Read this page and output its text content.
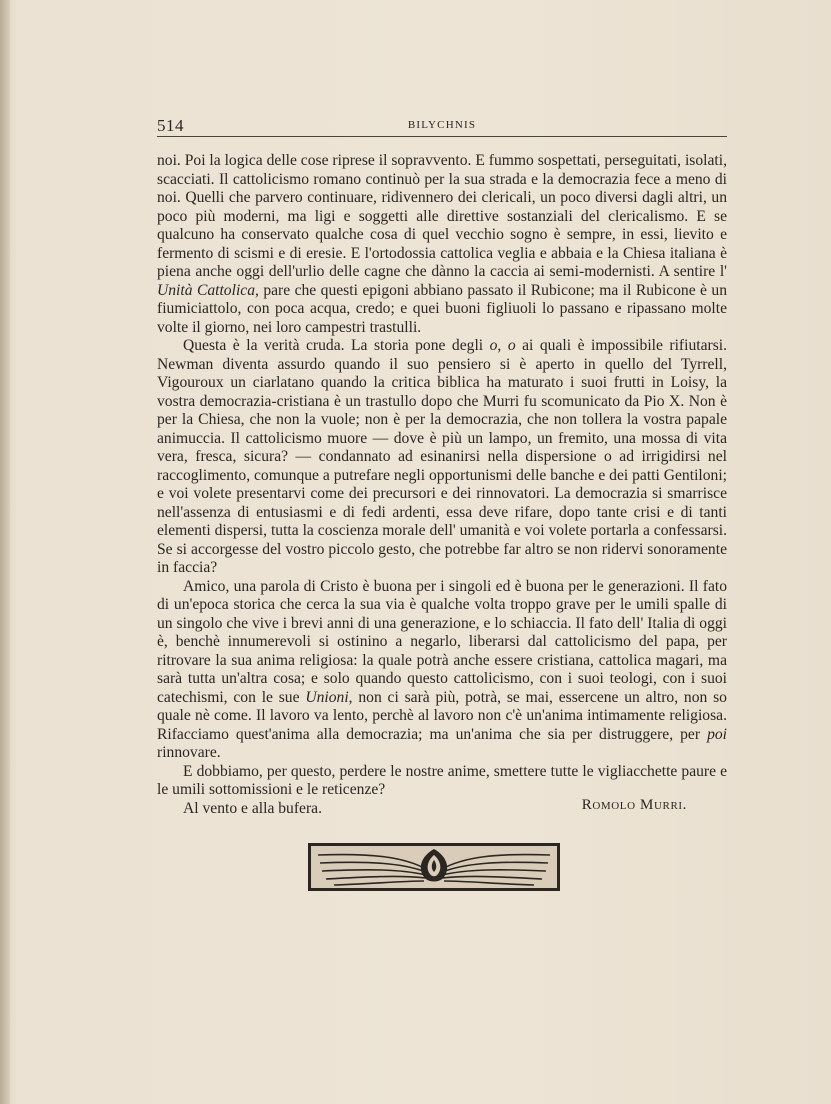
514	BILYCHNIS

noi. Poi la logica delle cose riprese il sopravvento. E fummo sospettati, perseguitati, isolati, scacciati. Il cattolicismo romano continuò per la sua strada e la democrazia fece a meno di noi. Quelli che parvero continuare, ridivennero dei clericali, un poco diversi dagli altri, un poco più moderni, ma ligi e soggetti alle direttive sostanziali del clericalismo. E se qualcuno ha conservato qualche cosa di quel vecchio sogno è sempre, in essi, lievito e fermento di scismi e di eresie. E l'ortodossia cattolica veglia e abbaia e la Chiesa italiana è piena anche oggi dell'urlio delle cagne che dànno la caccia ai semi-modernisti. A sentire l' Unità Cattolica, pare che questi epigoni abbiano passato il Rubicone; ma il Rubicone è un fiumiciattolo, con poca acqua, credo; e quei buoni figliuoli lo passano e ripassano molte volte il giorno, nei loro campestri trastulli.

Questa è la verità cruda. La storia pone degli o, o ai quali è impossibile rifiutarsi. Newman diventa assurdo quando il suo pensiero si è aperto in quello del Tyrrell, Vigouroux un ciarlatano quando la critica biblica ha maturato i suoi frutti in Loisy, la vostra democrazia-cristiana è un trastullo dopo che Murri fu scomunicato da Pio X. Non è per la Chiesa, che non la vuole; non è per la democrazia, che non tollera la vostra papale animuccia. Il cattolicismo muore — dove è più un lampo, un fremito, una mossa di vita vera, fresca, sicura? — condannato ad esinanirsi nella dispersione o ad irrigidirsi nel raccoglimento, comunque a putrefare negli opportunismi delle banche e dei patti Gentiloni; e voi volete presentarvi come dei precursori e dei rinnovatori. La democrazia si smarrisce nell'assenza di entusiasmi e di fedi ardenti, essa deve rifare, dopo tante crisi e di tanti elementi dispersi, tutta la coscienza morale dell' umanità e voi volete portarla a confessarsi. Se si accorgesse del vostro piccolo gesto, che potrebbe far altro se non ridervi sonoramente in faccia?

Amico, una parola di Cristo è buona per i singoli ed è buona per le generazioni. Il fato di un'epoca storica che cerca la sua via è qualche volta troppo grave per le umili spalle di un singolo che vive i brevi anni di una generazione, e lo schiaccia. Il fato dell' Italia di oggi è, benchè innumerevoli si ostinino a negarlo, liberarsi dal cattolicismo del papa, per ritrovare la sua anima religiosa: la quale potrà anche essere cristiana, cattolica magari, ma sarà tutta un'altra cosa; e solo quando questo cattolicismo, con i suoi teologi, con i suoi catechismi, con le sue Unioni, non ci sarà più, potrà, se mai, essercene un altro, non so quale nè come. Il lavoro va lento, perchè al lavoro non c'è un'anima intimamente religiosa. Rifacciamo quest'anima alla democrazia; ma un'anima che sia per distruggere, per poi rinnovare.

E dobbiamo, per questo, perdere le nostre anime, smettere tutte le vigliacchette paure e le umili sottomissioni e le reticenze?

Al vento e alla bufera.	Romolo Murri.
